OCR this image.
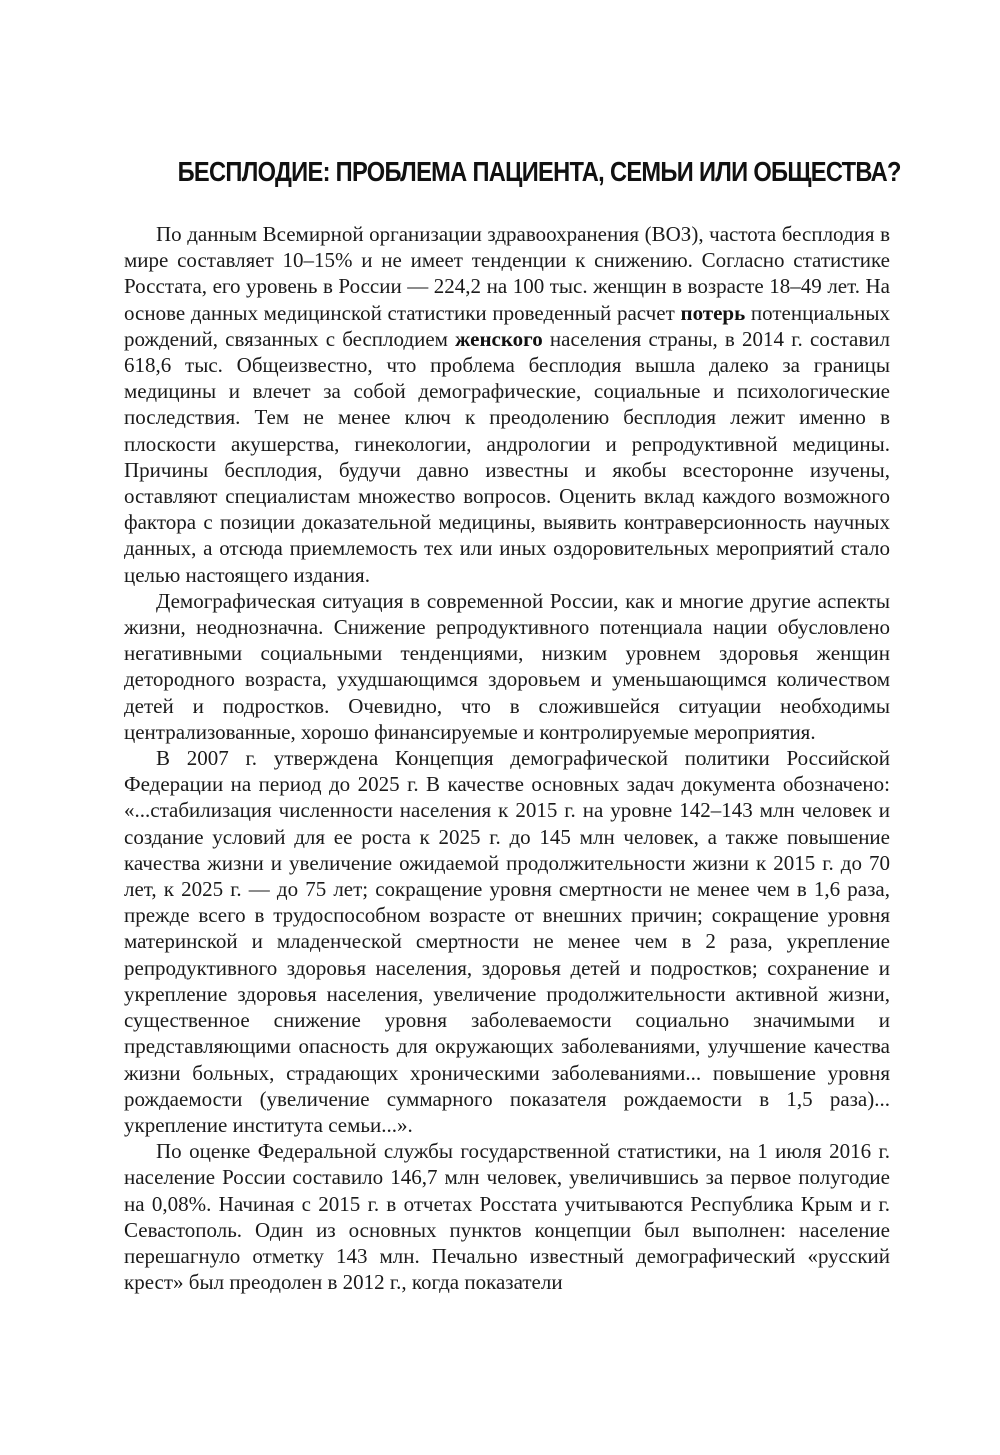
БЕСПЛОДИЕ: ПРОБЛЕМА ПАЦИЕНТА, СЕМЬИ ИЛИ ОБЩЕСТВА?

По данным Всемирной организации здравоохранения (ВОЗ), частота бесплодия в мире составляет 10–15% и не имеет тенденции к снижению. Согласно статистике Росстата, его уровень в России — 224,2 на 100 тыс. женщин в возрасте 18–49 лет. На основе данных медицинской статистики проведенный расчет потерь потенциальных рождений, связанных с бесплодием женского населения страны, в 2014 г. составил 618,6 тыс. Общеизвестно, что проблема бесплодия вышла далеко за границы медицины и влечет за собой демографические, социальные и психологические последствия. Тем не менее ключ к преодолению бесплодия лежит именно в плоскости акушерства, гинекологии, андрологии и репродуктивной медицины. Причины бесплодия, будучи давно известны и якобы всесторонне изучены, оставляют специалистам множество вопросов. Оценить вклад каждого возможного фактора с позиции доказательной медицины, выявить контраверсионность научных данных, а отсюда приемлемость тех или иных оздоровительных мероприятий стало целью настоящего издания.

Демографическая ситуация в современной России, как и многие другие аспекты жизни, неоднозначна. Снижение репродуктивного потенциала нации обусловлено негативными социальными тенденциями, низким уровнем здоровья женщин детородного возраста, ухудшающимся здоровьем и уменьшающимся количеством детей и подростков. Очевидно, что в сложившейся ситуации необходимы централизованные, хорошо финансируемые и контролируемые мероприятия.

В 2007 г. утверждена Концепция демографической политики Российской Федерации на период до 2025 г. В качестве основных задач документа обозначено: «...стабилизация численности населения к 2015 г. на уровне 142–143 млн человек и создание условий для ее роста к 2025 г. до 145 млн человек, а также повышение качества жизни и увеличение ожидаемой продолжительности жизни к 2015 г. до 70 лет, к 2025 г. — до 75 лет; сокращение уровня смертности не менее чем в 1,6 раза, прежде всего в трудоспособном возрасте от внешних причин; сокращение уровня материнской и младенческой смертности не менее чем в 2 раза, укрепление репродуктивного здоровья населения, здоровья детей и подростков; сохранение и укрепление здоровья населения, увеличение продолжительности активной жизни, существенное снижение уровня заболеваемости социально значимыми и представляющими опасность для окружающих заболеваниями, улучшение качества жизни больных, страдающих хроническими заболеваниями... повышение уровня рождаемости (увеличение суммарного показателя рождаемости в 1,5 раза)... укрепление института семьи...».

По оценке Федеральной службы государственной статистики, на 1 июля 2016 г. население России составило 146,7 млн человек, увеличившись за первое полугодие на 0,08%. Начиная с 2015 г. в отчетах Росстата учитываются Республика Крым и г. Севастополь. Один из основных пунктов концепции был выполнен: население перешагнуло отметку 143 млн. Печально известный демографический «русский крест» был преодолен в 2012 г., когда показатели
